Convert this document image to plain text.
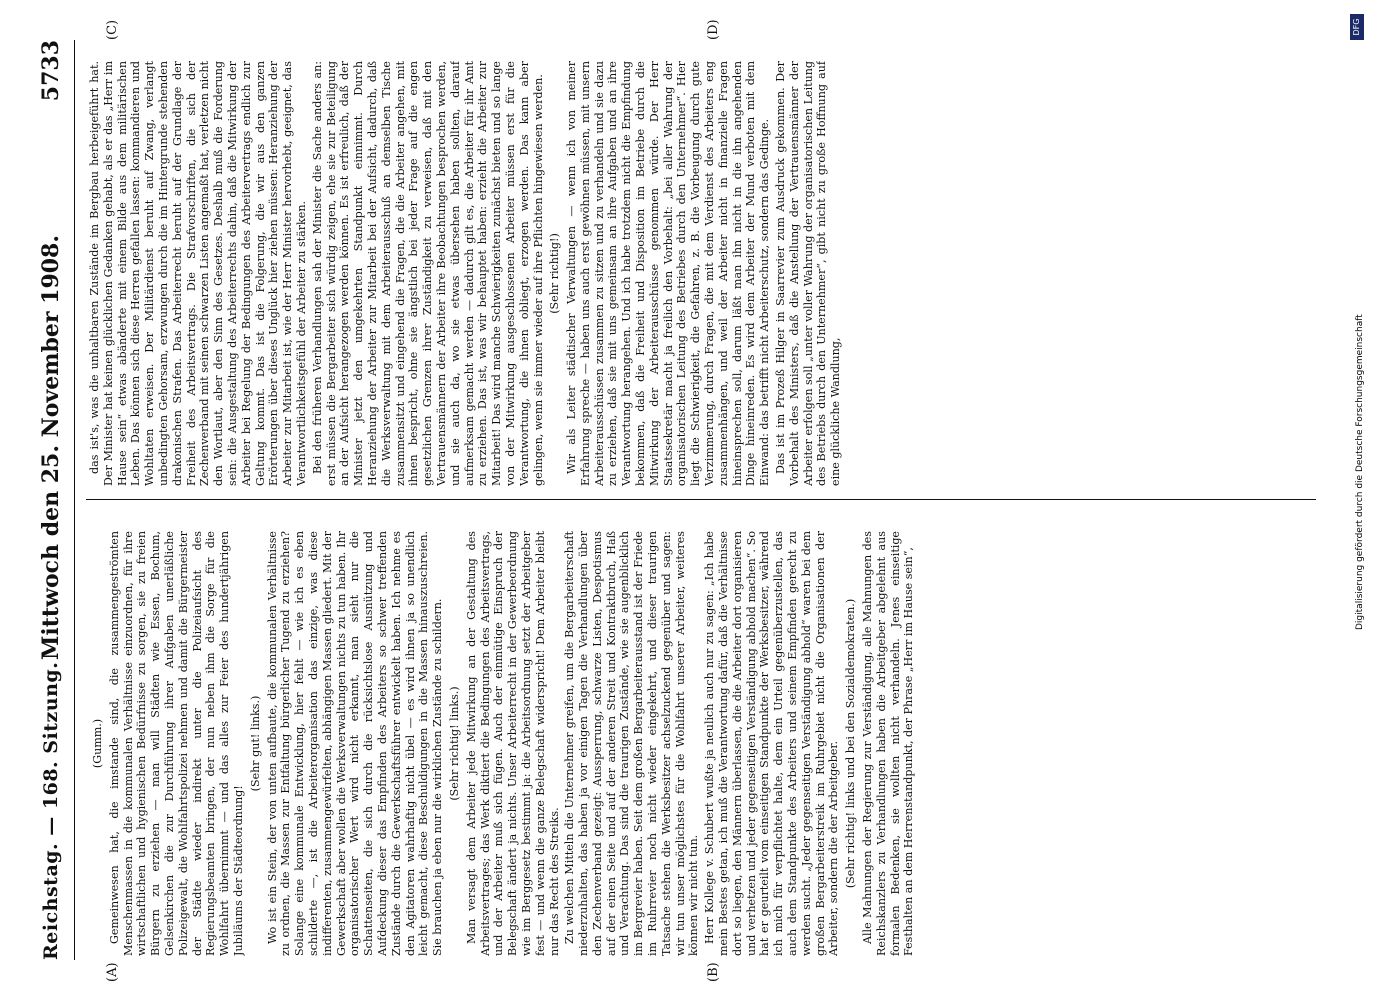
Reichstag. — 168. Sitzung.
Mittwoch den 25. November 1908.
5733
(A)	(B)
(C)	(D)

(Gumm.) Gemeinwesen hat, die imstande sind, die zusammengeströmten Menschenmassen in die kommunalen Verhältnisse einzuordnen, für ihre wirtschaftlichen und hygienischen Bedürfnisse zu sorgen, sie zu freien Bürgern zu erziehen — man will Städten wie Essen, Bochum, Gelsenkirchen die zur Durchführung ihrer Aufgaben unerläßliche Polizeigewalt, die Wohlfahrtspolizei nehmen und damit die Bürgermeister der Städte wieder indirekt unter die Polizeiaufsicht des Regierungsbeamten bringen, der nun neben ihm die Sorge für die Wohlfahrt übernimmt — und das alles zur Feier des hundertjährigen Jubiläums der Städteordnung!

(Sehr gut! links.) Wo ist ein Stein, der von unten aufbaute, die kommunalen Verhältnisse zu ordnen, die Massen zur Entfaltung bürgerlicher Tugend zu erziehen? Solange eine kommunale Entwicklung, hier fehlt — wie ich es eben schilderte —, ist die Arbeiterorganisation das einzige, was diese indifferenten, zusammengewürfelten, abhängigen Massen gliedert. Mit der Gewerkschaft aber wollen die Werksverwaltungen nichts zu tun haben. Ihr organisatorischer Wert wird nicht erkannt, man sieht nur die Schattenseiten, die sich durch die rücksichtslose Ausnützung und Aufdeckung dieser das Empfinden des Arbeiters so schwer treffenden Zustände durch die Gewerkschaftsführer entwickelt haben. Ich nehme es den Agitatoren wahrhaftig nicht übel — es wird ihnen ja so unendlich leicht gemacht, diese Beschuldigungen in die Massen hinauszuschreien. Sie brauchen ja eben nur die wirklichen Zustände zu schildern. (Sehr richtig! links.) Man versagt dem Arbeiter jede Mitwirkung an der Gestaltung des Arbeitsvertrages; das Werk diktiert die Bedingungen des Arbeitsvertrags, und der Arbeiter muß sich fügen. Auch der einmütige Einspruch der Belegschaft ändert ja nichts. Unser Arbeiterrecht in der Gewerbeordnung wie im Berggesetz bestimmt ja: die Arbeitsordnung setzt der Arbeitgeber fest — und wenn die ganze Belegschaft widerspricht! Dem Arbeiter bleibt nur das Recht des Streiks. Zu welchen Mitteln die Unternehmer greifen, um die Bergarbeiterschaft niederzuhalten, das haben ja vor einigen Tagen die Verhandlungen über den Zechenverband gezeigt: Aussperrung, schwarze Listen, Despotismus auf der einen Seite und auf der anderen Streit und Kontraktbruch, Haß und Verachtung. Das sind die traurigen Zustände, wie sie augenblicklich im Bergrevier haben. Seit dem großen Bergarbeiterausstand ist der Friede im Ruhrrevier noch nicht wieder eingekehrt, und dieser traurigen Tatsache stehen die Werksbesitzer achselzuckend gegenüber und sagen: wir tun unser möglichstes für die Wohlfahrt unserer Arbeiter, weiteres können wir nicht tun. Herr Kollege v. Schubert wußte ja neulich auch nur zu sagen: „Ich habe mein Bestes getan, ich muß die Verantwortung dafür, daß die Verhältnisse dort so liegen, den Männern überlassen, die die Arbeiter dort organisieren und verhetzen und jeder gegenseitigen Verständigung abhold machen“. So hat er geurteilt vom einseitigen Standpunkte der Werksbesitzer, während ich mich für verpflichtet halte, dem ein Urteil gegenüberzustellen, das auch dem Standpunkte des Arbeiters und seinem Empfinden gerecht zu werden sucht. „Jeder gegenseitigen Verständigung abhold“ waren bei dem großen Bergarbeiterstreik im Ruhrgebiet nicht die Organisationen der Arbeiter, sondern die der Arbeitgeber. (Sehr richtig! links und bei den Sozialdemokraten.) Alle Mahnungen der Regierung zur Verständigung, alle Mahnungen des Reichskanzlers zu Verhandlungen haben die Arbeitgeber abgelehnt aus formalen Bedenken, sie wollten nicht verhandeln. Jenes einseitige Festhalten an dem Herrenstandpunkt, der Phrase „Herr im Hause sein“,

das ist's, was die unhaltbaren Zustände im Bergbau herbeigeführt hat. Der Minister hat keinen glücklichen Gedanken gehabt, als er das „Herr im Hause sein“ etwas abänderte mit einem Bilde aus dem militärischen Leben. Das können sich diese Herren gefallen lassen: kommandieren und Wohltaten erweisen. Der Militärdienst beruht auf Zwang, verlangt unbedingten Gehorsam, erzwungen durch die im Hintergrunde stehenden drakonischen Strafen. Das Arbeiterrecht beruht auf der Grundlage der Freiheit des Arbeitsvertrags. Die Strafvorschriften, die sich der Zechenverband mit seinen schwarzen Listen angemaßt hat, verletzen nicht den Wortlaut, aber den Sinn des Gesetzes. Deshalb muß die Forderung sein: die Ausgestaltung des Arbeiterrechts dahin, daß die Mitwirkung der Arbeiter bei Regelung der Bedingungen des Arbeitervertrags endlich zur Geltung kommt. Das ist die Folgerung, die wir aus den ganzen Erörterungen über dieses Unglück hier ziehen müssen: Heranziehung der Arbeiter zur Mitarbeit ist, wie der Herr Minister hervorhebt, geeignet, das Verantwortlichkeitsgefühl der Arbeiter zu stärken. Bei den früheren Verhandlungen sah der Minister die Sache anders an: erst müssen die Bergarbeiter sich würdig zeigen, ehe sie zur Beteiligung an der Aufsicht herangezogen werden können. Es ist erfreulich, daß der Minister jetzt den umgekehrten Standpunkt einnimmt. Durch Heranziehung der Arbeiter zur Mitarbeit bei der Aufsicht, dadurch, daß die Werksverwaltung mit dem Arbeiterausschuß an demselben Tische zusammensitzt und eingehend die Fragen, die die Arbeiter angehen, mit ihnen bespricht, ohne sie ängstlich bei jeder Frage auf die engen gesetzlichen Grenzen ihrer Zuständigkeit zu verweisen, daß mit den Vertrauensmännern der Arbeiter ihre Beobachtungen besprochen werden, und sie auch da, wo sie etwas übersehen haben sollten, darauf aufmerksam gemacht werden — dadurch gilt es, die Arbeiter für ihr Amt zu erziehen. Das ist, was wir behauptet haben: erzieht die Arbeiter zur Mitarbeit! Das wird manche Schwierigkeiten zunächst bieten und so lange von der Mitwirkung ausgeschlossenen Arbeiter müssen erst für die Verantwortung, die ihnen obliegt, erzogen werden. Das kann aber gelingen, wenn sie immer wieder auf ihre Pflichten hingewiesen werden. (Sehr richtig!) Wir als Leiter städtischer Verwaltungen — wenn ich von meiner Erfahrung spreche — haben uns auch erst gewöhnen müssen, mit unsern Arbeiterausschüssen zusammen zu sitzen und zu verhandeln und sie dazu zu erziehen, daß sie mit uns gemeinsam an ihre Aufgaben und an ihre Verantwortung herangehen. Und ich habe trotzdem nicht die Empfindung bekommen, daß die Freiheit und Disposition im Betriebe durch die Mitwirkung der Arbeiterausschüsse genommen würde. Der Herr Staatssekretär macht ja freilich den Vorbehalt: „bei aller Wahrung der organisatorischen Leitung des Betriebes durch den Unternehmer“. Hier liegt die Schwierigkeit, die Gefahren, z. B. die Vorbeugung durch gute Verzimmerung, durch Fragen, die mit dem Verdienst des Arbeiters eng zusammenhängen, und weil der Arbeiter nicht in finanzielle Fragen hineinsprechen soll, darum läßt man ihn nicht in die ihn angehenden Dinge hineinreden. Es wird dem Arbeiter der Mund verboten mit dem Einwand: das betrifft nicht Arbeiterschutz, sondern das Gedinge. Das ist im Prozeß Hilger in Saarrevier zum Ausdruck gekommen. Der Vorbehalt des Ministers, daß die Anstellung der Vertrauensmänner der Arbeiter erfolgen soll „unter voller Wahrung der organisatorischen Leitung des Betriebs durch den Unternehmer“, gibt nicht zu große Hoffnung auf eine glückliche Wandlung,	Digitalisierung gefördert durch die Deutsche Forschungsgemeinschaft
DFG
